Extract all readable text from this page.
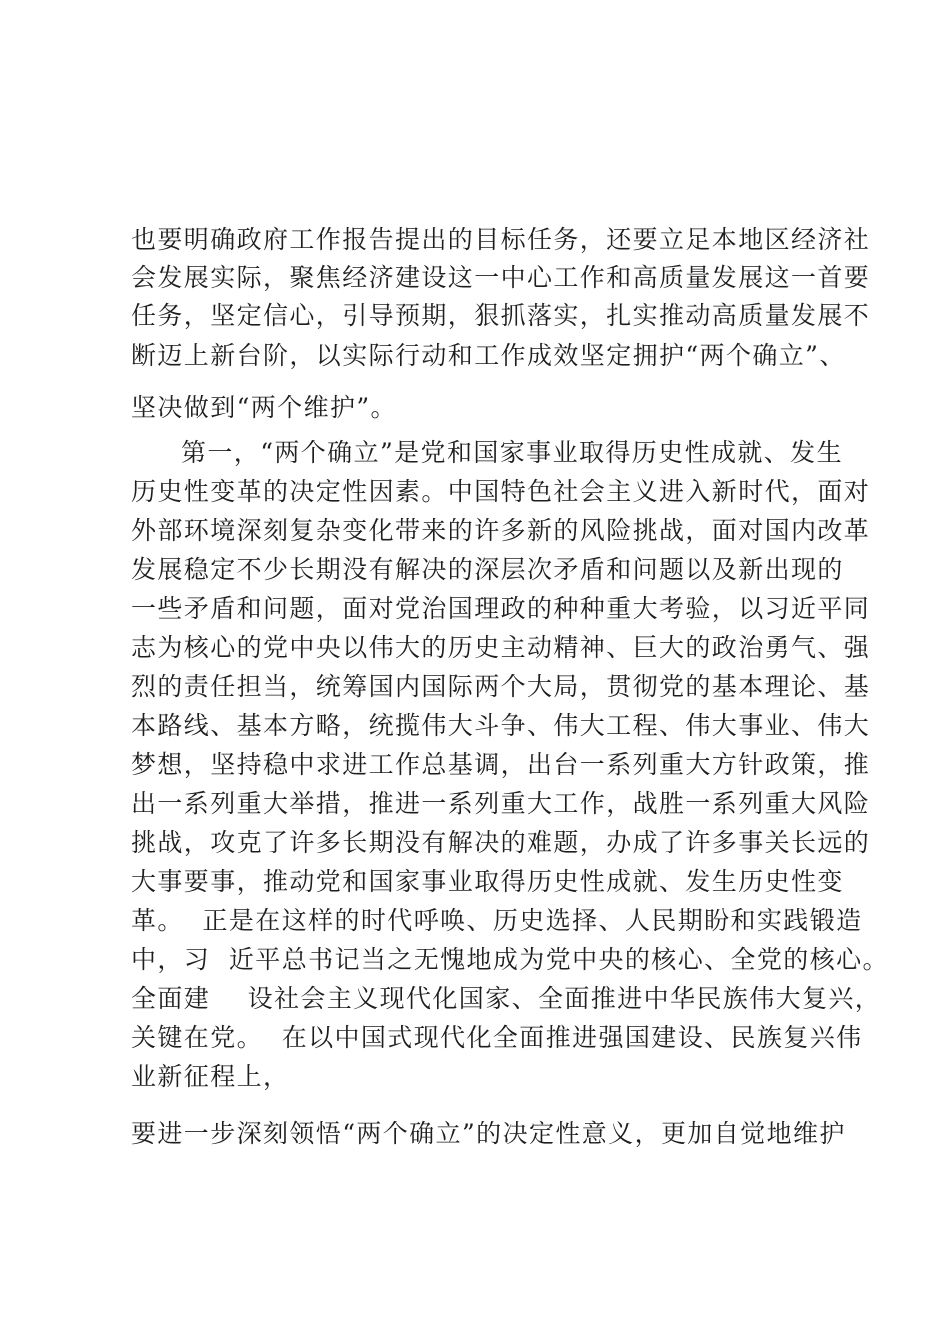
也要明确政府工作报告提出的目标任务，还要立足本地区经济社
会发展实际，聚焦经济建设这一中心工作和高质量发展这一首要
任务，坚定信心，引导预期，狠抓落实，扎实推动高质量发展不
断迈上新台阶，以实际行动和工作成效坚定拥护“两个确立”、
坚决做到“两个维护”。
第一，“两个确立”是党和国家事业取得历史性成就、发生
历史性变革的决定性因素。中国特色社会主义进入新时代，面对
外部环境深刻复杂变化带来的许多新的风险挑战，面对国内改革
发展稳定不少长期没有解决的深层次矛盾和问题以及新出现的
一些矛盾和问题，面对党治国理政的种种重大考验，以习近平同
志为核心的党中央以伟大的历史主动精神、巨大的政治勇气、强
烈的责任担当，统筹国内国际两个大局，贯彻党的基本理论、基
本路线、基本方略，统揽伟大斗争、伟大工程、伟大事业、伟大
梦想，坚持稳中求进工作总基调，出台一系列重大方针政策，推
出一系列重大举措，推进一系列重大工作，战胜一系列重大风险
挑战，攻克了许多长期没有解决的难题，办成了许多事关长远的
大事要事，推动党和国家事业取得历史性成就、发生历史性变
革。  正是在这样的时代呼唤、历史选择、人民期盼和实践锻造
中，习  近平总书记当之无愧地成为党中央的核心、全党的核心。
全面建    设社会主义现代化国家、全面推进中华民族伟大复兴，
关键在党。  在以中国式现代化全面推进强国建设、民族复兴伟
业新征程上，
要进一步深刻领悟“两个确立”的决定性意义，更加自觉地维护
